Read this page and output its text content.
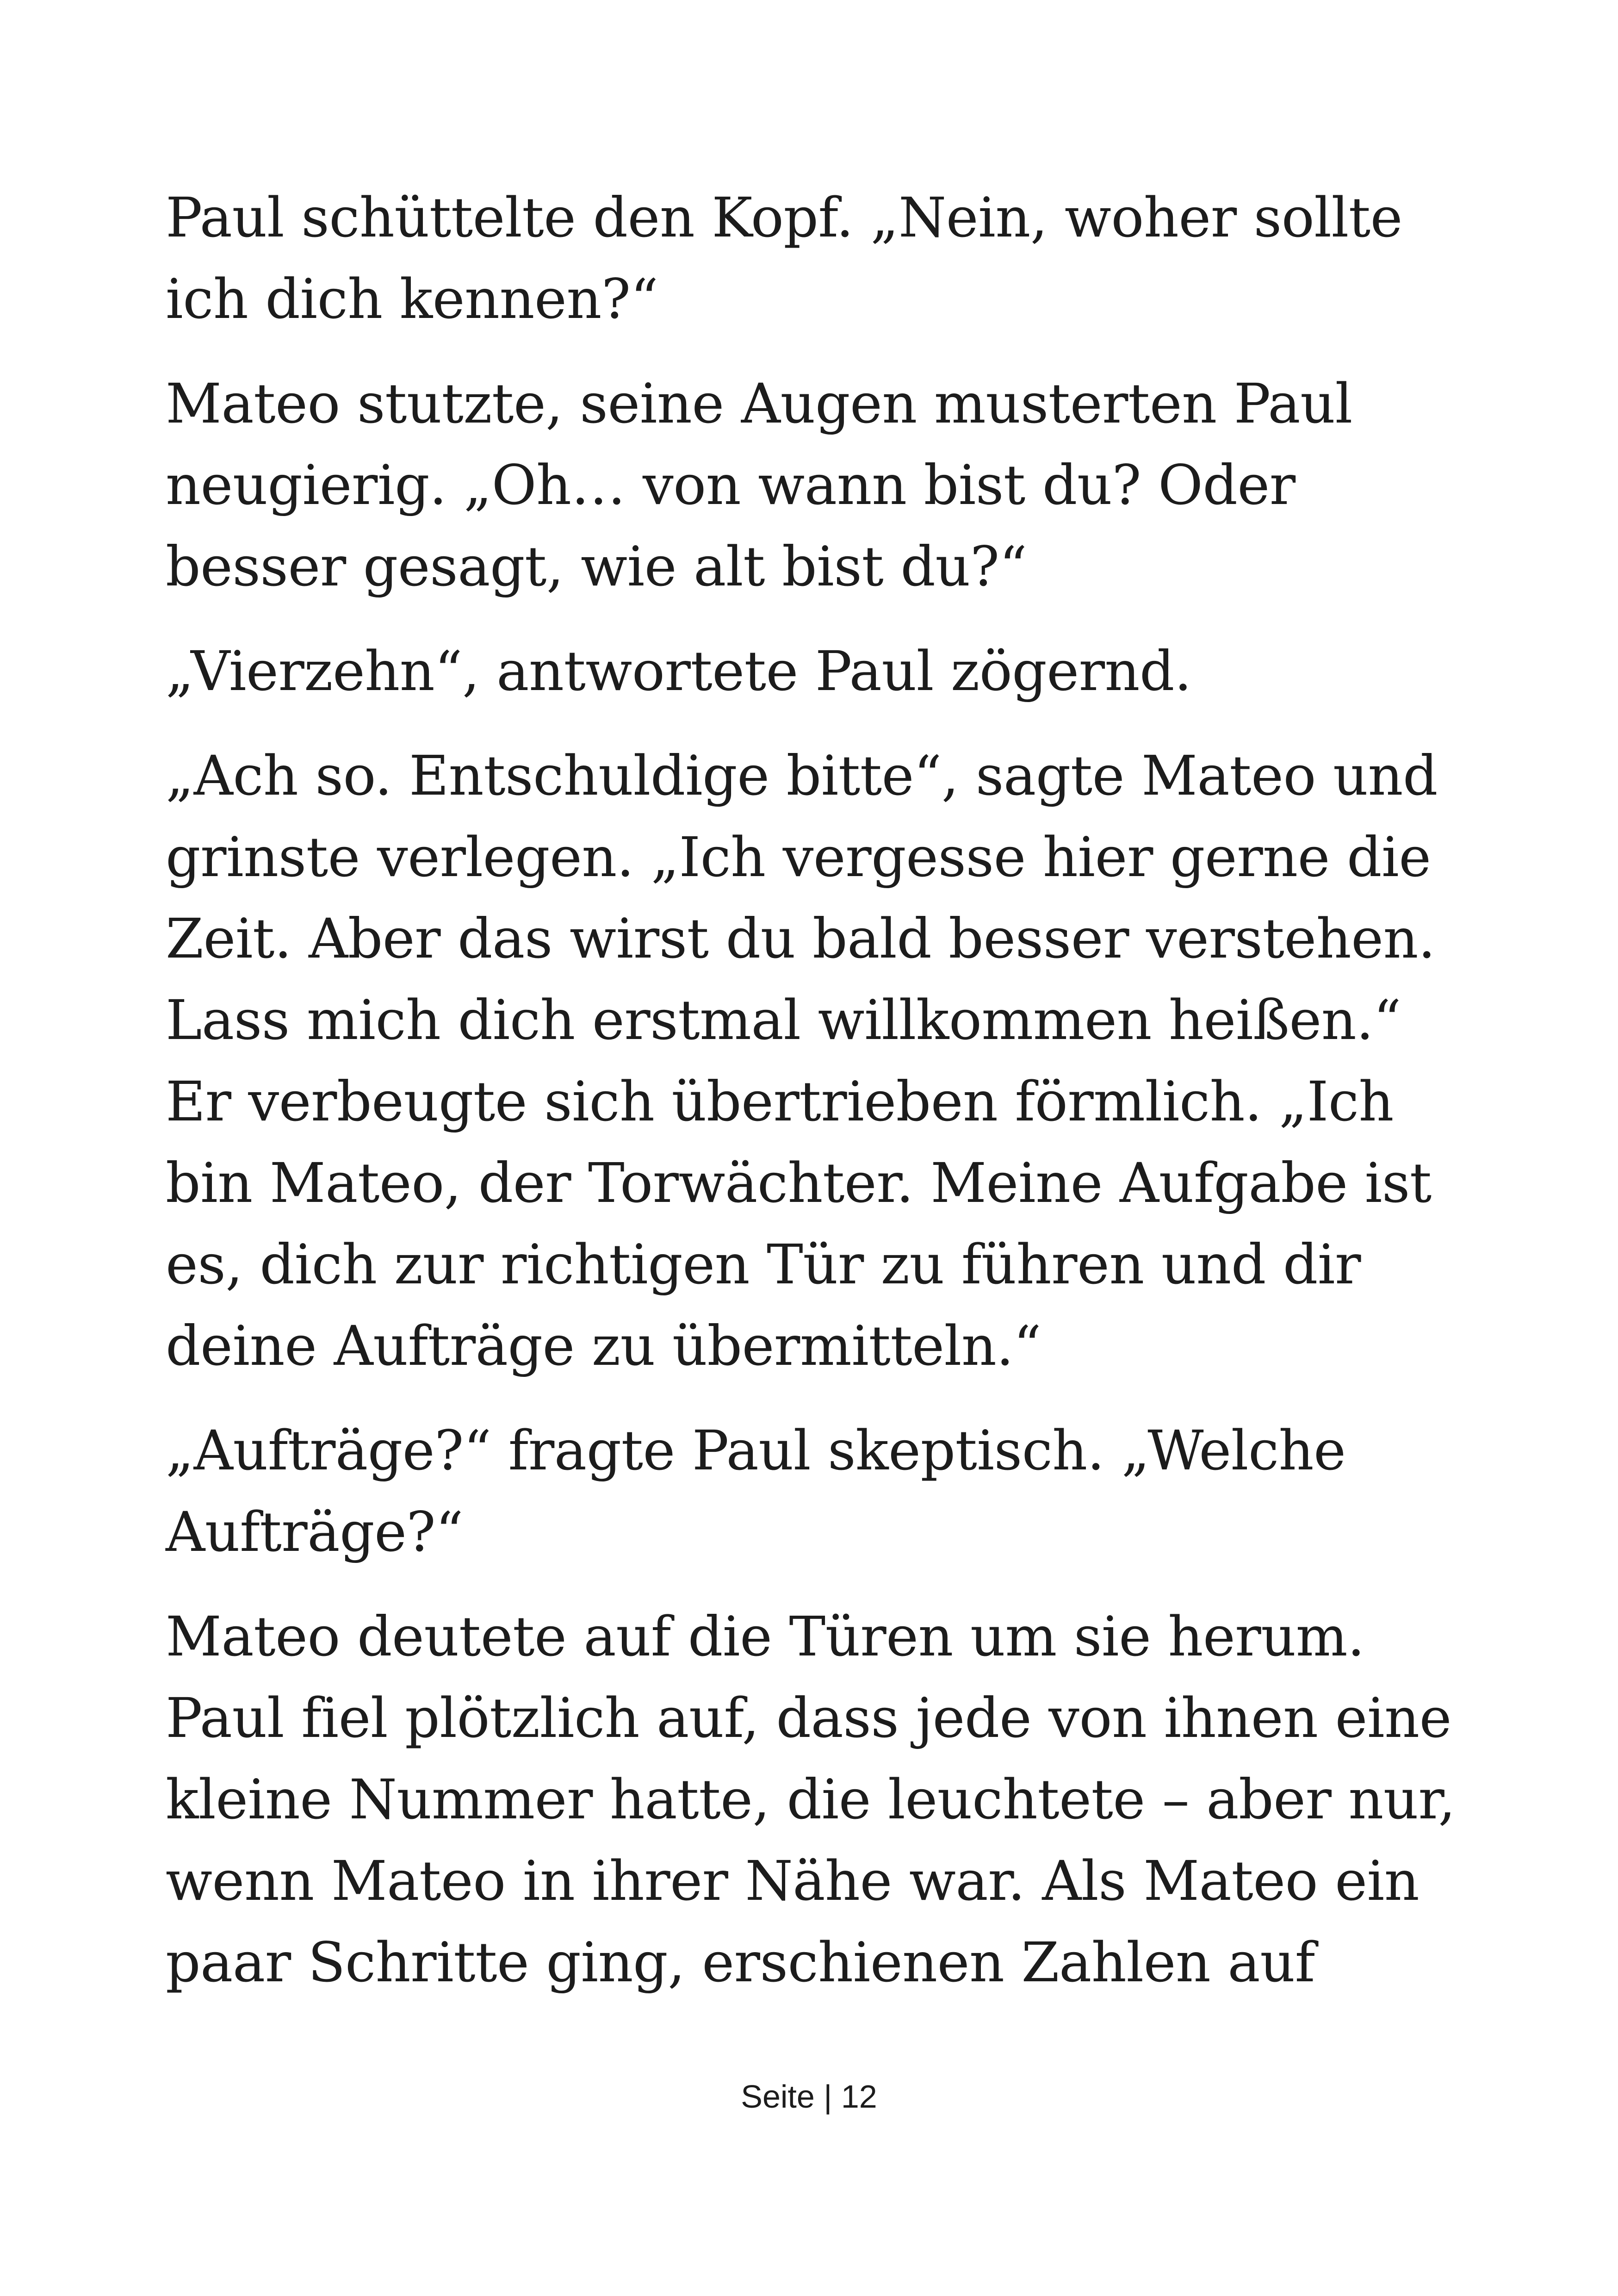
Paul schüttelte den Kopf. „Nein, woher sollte
ich dich kennen?“

Mateo stutzte, seine Augen musterten Paul
neugierig. „Oh… von wann bist du? Oder
besser gesagt, wie alt bist du?“

„Vierzehn“, antwortete Paul zögernd.

„Ach so. Entschuldige bitte“, sagte Mateo und
grinste verlegen. „Ich vergesse hier gerne die
Zeit. Aber das wirst du bald besser verstehen.
Lass mich dich erstmal willkommen heißen.“
Er verbeugte sich übertrieben förmlich. „Ich
bin Mateo, der Torwächter. Meine Aufgabe ist
es, dich zur richtigen Tür zu führen und dir
deine Aufträge zu übermitteln.“

„Aufträge?“ fragte Paul skeptisch. „Welche
Aufträge?“

Mateo deutete auf die Türen um sie herum.
Paul fiel plötzlich auf, dass jede von ihnen eine
kleine Nummer hatte, die leuchtete – aber nur,
wenn Mateo in ihrer Nähe war. Als Mateo ein
paar Schritte ging, erschienen Zahlen auf

Seite | 12
